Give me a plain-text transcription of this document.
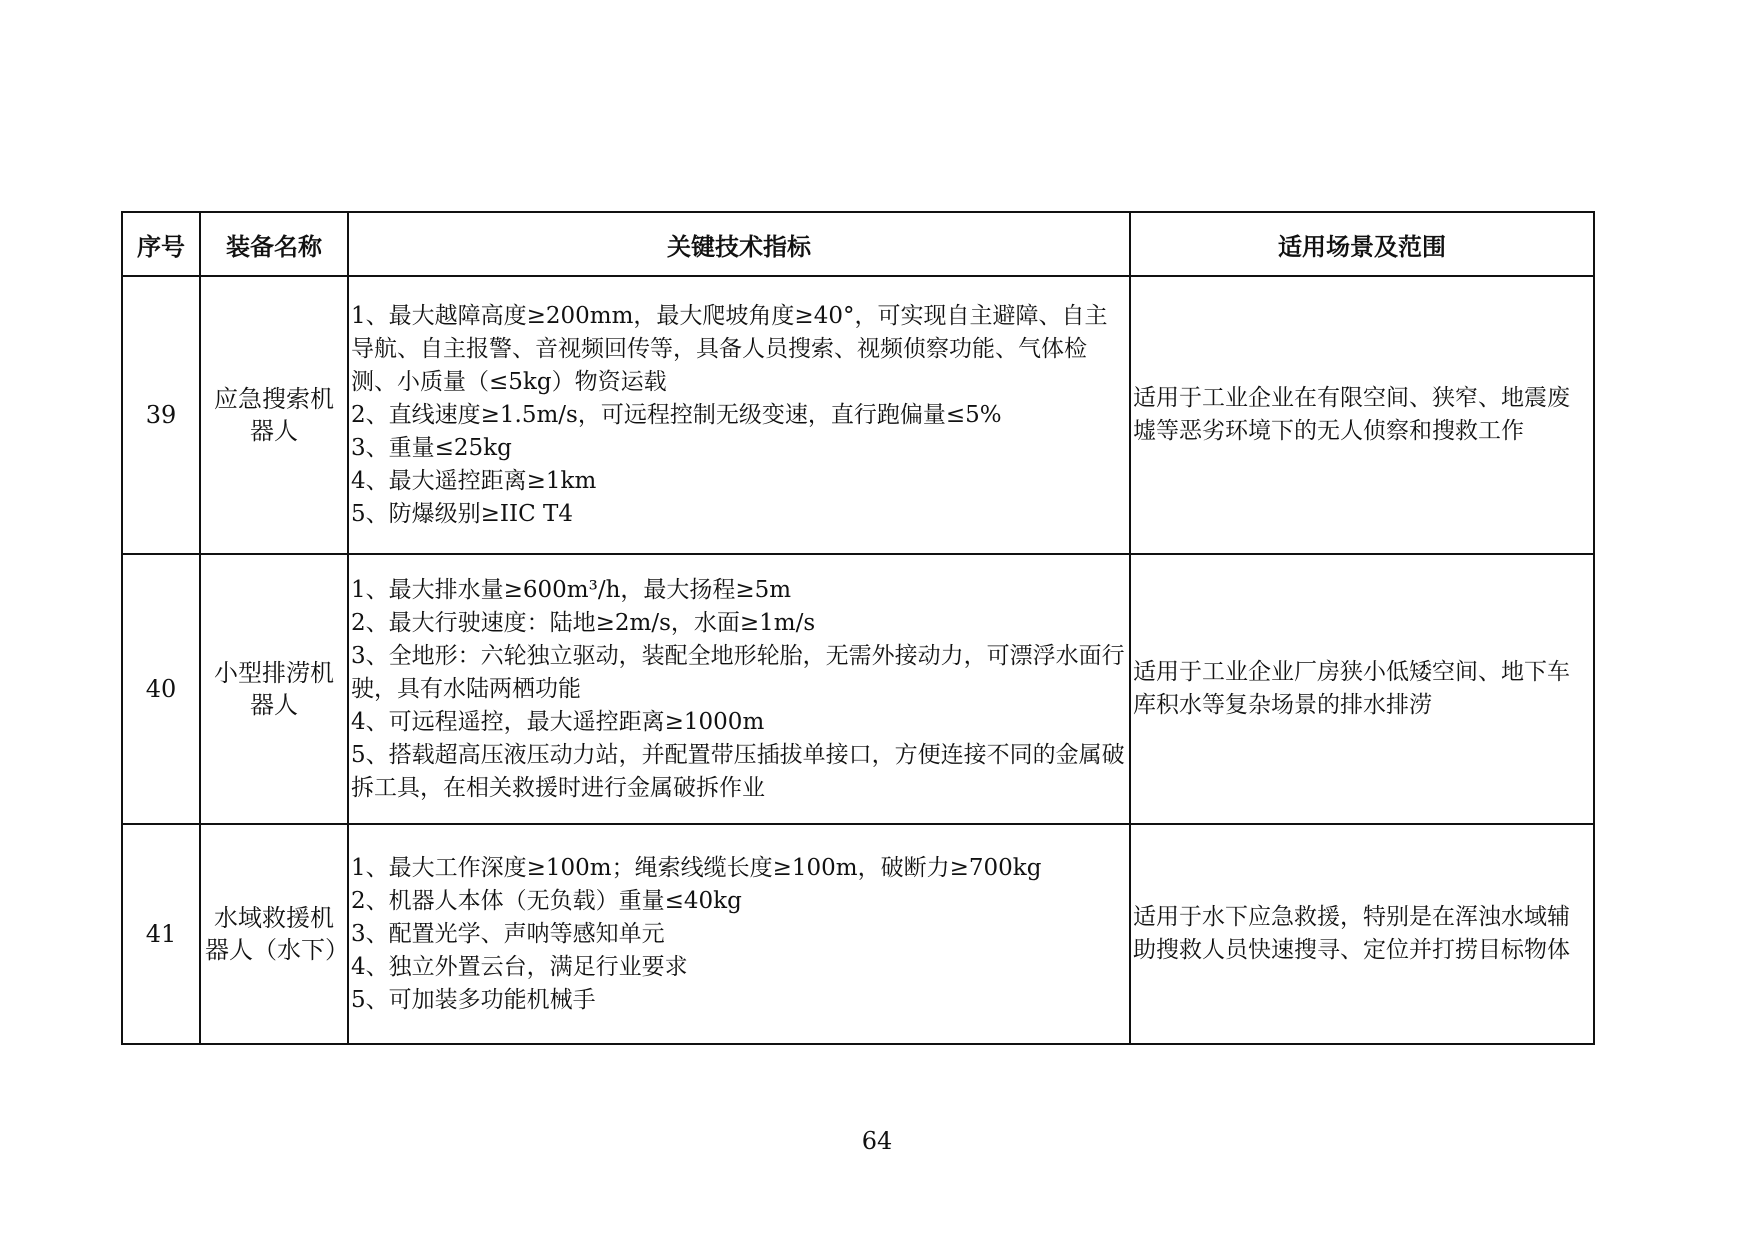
序号	装备名称	关键技术指标	适用场景及范围
39	应急搜索机器人	1、最大越障高度≥200mm，最大爬坡角度≥40°，可实现自主避障、自主导航、自主报警、音视频回传等，具备人员搜索、视频侦察功能、气体检测、小质量（≤5kg）物资运载
2、直线速度≥1.5m/s，可远程控制无级变速，直行跑偏量≤5%
3、重量≤25kg
4、最大遥控距离≥1km
5、防爆级别≥IIC T4	适用于工业企业在有限空间、狭窄、地震废墟等恶劣环境下的无人侦察和搜救工作

40	小型排涝机器人	1、最大排水量≥600m³/h，最大扬程≥5m
2、最大行驶速度：陆地≥2m/s，水面≥1m/s
3、全地形：六轮独立驱动，装配全地形轮胎，无需外接动力，可漂浮水面行驶，具有水陆两栖功能
4、可远程遥控，最大遥控距离≥1000m
5、搭载超高压液压动力站，并配置带压插拔单接口，方便连接不同的金属破拆工具，在相关救援时进行金属破拆作业	适用于工业企业厂房狭小低矮空间、地下车库积水等复杂场景的排水排涝

41	水域救援机器人（水下）	1、最大工作深度≥100m；绳索线缆长度≥100m，破断力≥700kg
2、机器人本体（无负载）重量≤40kg
3、配置光学、声呐等感知单元
4、独立外置云台，满足行业要求
5、可加装多功能机械手	适用于水下应急救援，特别是在浑浊水域辅助搜救人员快速搜寻、定位并打捞目标物体
64
